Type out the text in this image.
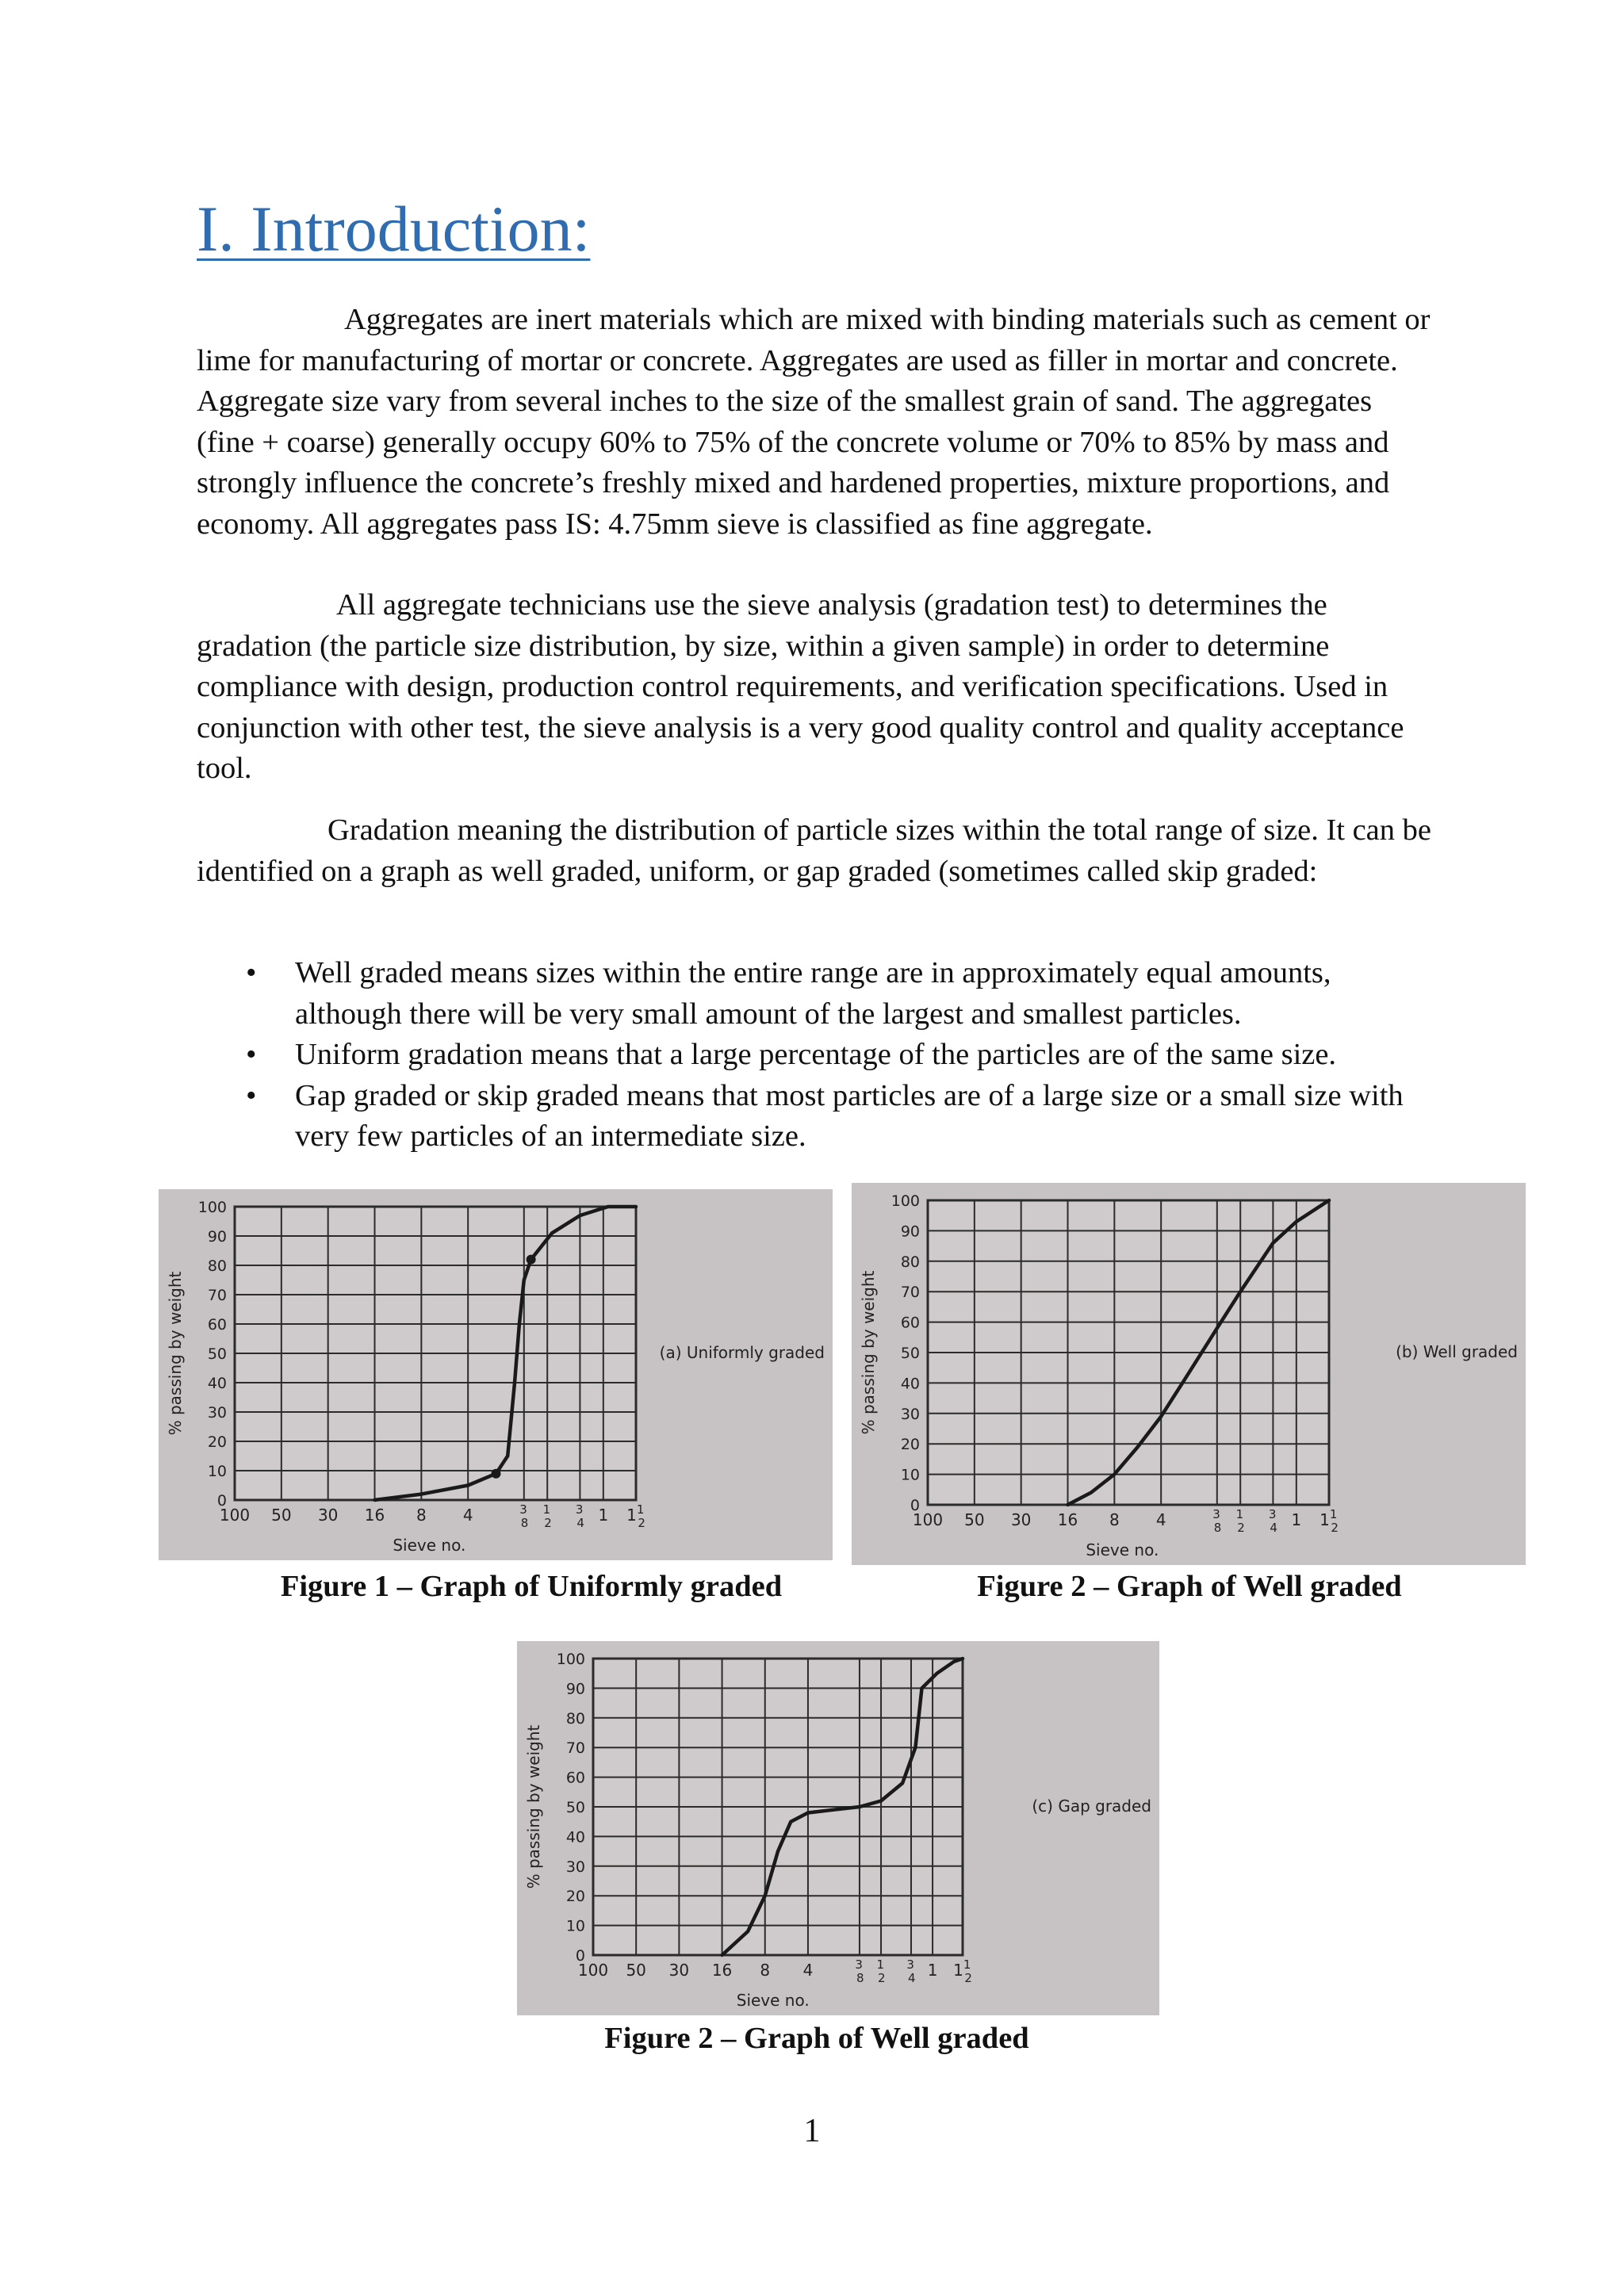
I. Introduction:

Aggregates are inert materials which are mixed with binding materials such as cement or lime for manufacturing of mortar or concrete. Aggregates are used as filler in mortar and concrete. Aggregate size vary from several inches to the size of the smallest grain of sand. The aggregates (fine + coarse) generally occupy 60% to 75% of the concrete volume or 70% to 85% by mass and strongly influence the concrete’s freshly mixed and hardened properties, mixture proportions, and economy. All aggregates pass IS: 4.75mm sieve is classified as fine aggregate.

All aggregate technicians use the sieve analysis (gradation test) to determines the gradation (the particle size distribution, by size, within a given sample) in order to determine compliance with design, production control requirements, and verification specifications. Used in conjunction with other test, the sieve analysis is a very good quality control and quality acceptance tool.

Gradation meaning the distribution of particle sizes within the total range of size. It can be identified on a graph as well graded, uniform, or gap graded (sometimes called skip graded:

• Well graded means sizes within the entire range are in approximately equal amounts, although there will be very small amount of the largest and smallest particles.
• Uniform gradation means that a large percentage of the particles are of the same size.
• Gap graded or skip graded means that most particles are of a large size or a small size with very few particles of an intermediate size.
100
90
80
70
60
50
40
30
20
10
0
100 50 30 16 8 4	$^3$ 8
$^1$ 2
$^3$ 4 1 $1^1$ 2
% passing by weight
Sieve no.
(a) Uniformly graded
100
90
80
70
60
50
40
30
20
10
0
100 50 30 16 8 4	$^3$ 8
$^1$ 2
$^3$ 4 1 $1^1$ 2
% passing by weight
Sieve no.
(b) Well graded
100
90
80
70
60
50
40
30
20
10
0
100 50 30 16 8 4	$^3$ 8
$^1$ 2
$^3$ 4 1 $1^1$ 2
% passing by weight
Sieve no.
(c) Gap graded
Figure 1 – Graph of Uniformly graded	Figure 2 – Graph of Well graded
Figure 2 – Graph of Well graded
1
